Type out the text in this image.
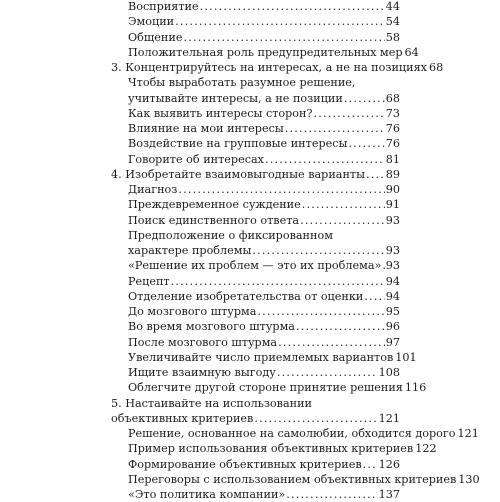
Восприятие .....	44
Эмоции .....	54
Общение .....	58
Положительная роль предупредительных мер 64
3. Концентрируйтесь на интересах, а не на позициях 68
Чтобы выработать разумное решение,
учитывайте интересы, а не позиции .....	68
Как выявить интересы сторон? .....	73
Влияние на мои интересы .....	76
Воздействие на групповые интересы .....	76
Говорите об интересах .....	81
4. Изобретайте взаимовыгодные варианты ..... 89
Диагноз .....	90
Преждевременное суждение .....	91
Поиск единственного ответа .....	93
Предположение о фиксированном
характере проблемы .....	93
«Решение их проблем — это их проблема» ..... 93
Рецепт .....	94
Отделение изобретательства от оценки ..... 94
До мозгового штурма .....	95
Во время мозгового штурма .....	96
После мозгового штурма .....	97
Увеличивайте число приемлемых вариантов 101
Ищите взаимную выгоду .....	108
Облегчите другой стороне принятие решения 116
5. Настаивайте на использовании
объективных критериев .....	121
Решение, основанное на самолюбии, обходится дорого 121
Пример использования объективных критериев 122
Формирование объективных критериев ..... 126
Переговоры с использованием объективных критериев 130
«Это политика компании» .....	137
